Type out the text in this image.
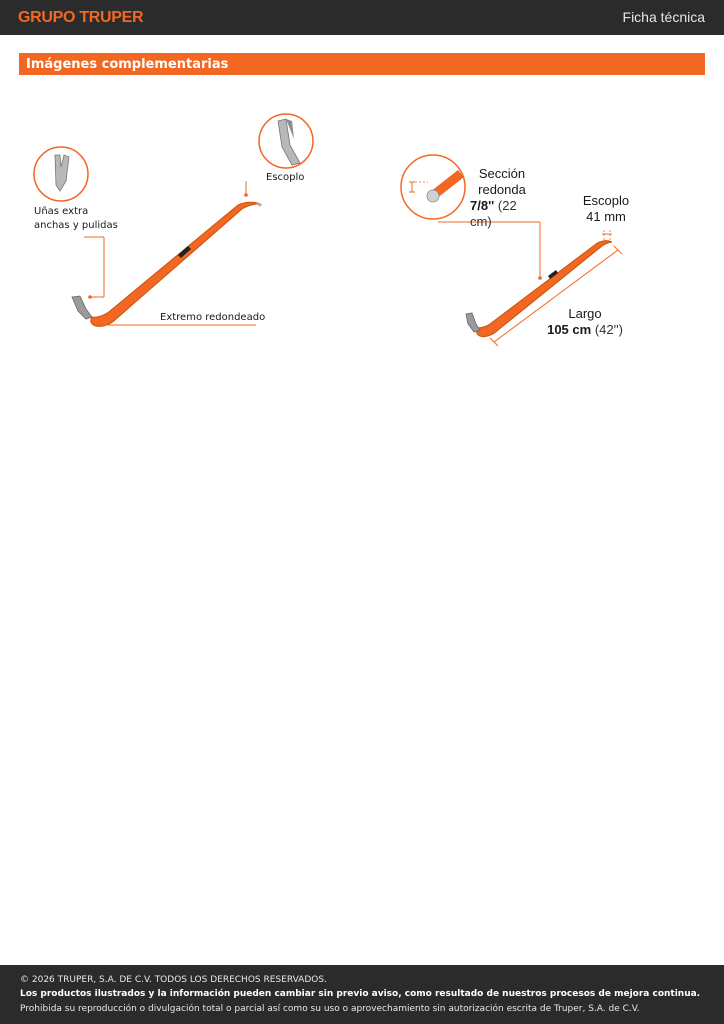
GRUPO TRUPER	Ficha técnica
Imágenes complementarias
Escoplo
Uñas extra
anchas y pulidas
Extremo redondeado
Sección
redonda
7/8'' (22 cm)
Escoplo
41 mm
Largo
105 cm (42'')
© 2026 TRUPER, S.A. DE C.V. TODOS LOS DERECHOS RESERVADOS.
Los productos ilustrados y la información pueden cambiar sin previo aviso, como resultado de nuestros procesos de mejora continua.
Prohibida su reproducción o divulgación total o parcial así como su uso o aprovechamiento sin autorización escrita de Truper, S.A. de C.V.
